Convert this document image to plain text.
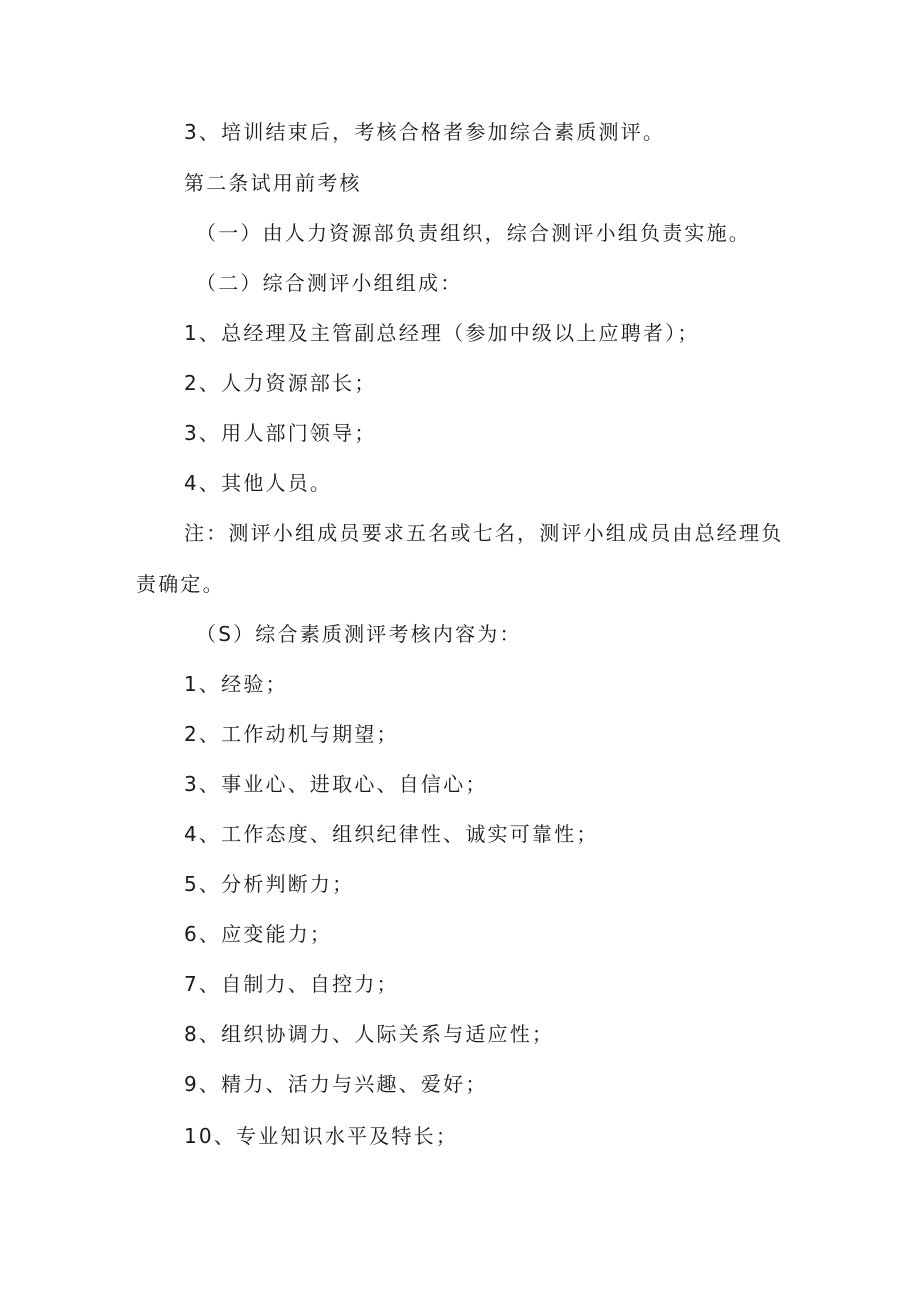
3、培训结束后，考核合格者参加综合素质测评。
第二条试用前考核
（一）由人力资源部负责组织，综合测评小组负责实施。
（二）综合测评小组组成：
1、总经理及主管副总经理（参加中级以上应聘者）；
2、人力资源部长；
3、用人部门领导；
4、其他人员。
注：测评小组成员要求五名或七名，测评小组成员由总经理负
责确定。
（S）综合素质测评考核内容为：
1、经验；
2、工作动机与期望；
3、事业心、进取心、自信心；
4、工作态度、组织纪律性、诚实可靠性；
5、分析判断力；
6、应变能力；
7、自制力、自控力；
8、组织协调力、人际关系与适应性；
9、精力、活力与兴趣、爱好；
10、专业知识水平及特长；
